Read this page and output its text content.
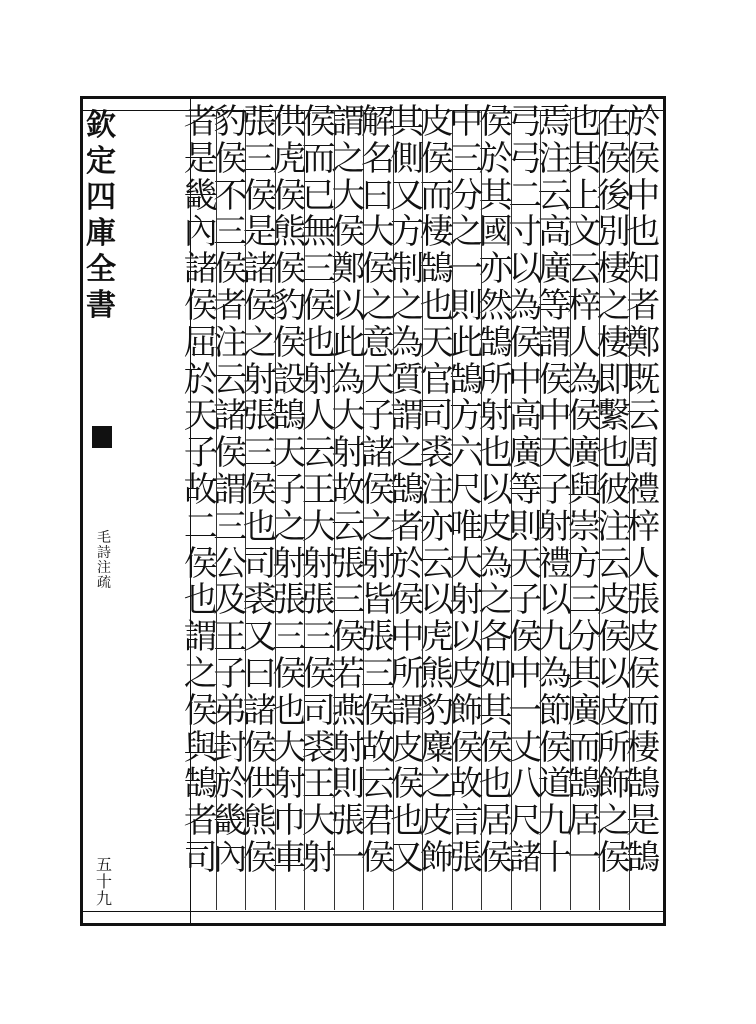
欽
定
四
庫
全
書
毛
詩
注
疏
五
十
九
於
侯
中
也
知
者
鄭
既
云
周
禮
梓
人
張
皮
侯
而
棲
鵠
是
鵠
在
侯
後
別
棲
之
棲
即
繫
也
彼
注
云
皮
侯
以
皮
所
飾
之
侯
也
其
上
文
云
梓
人
為
侯
廣
與
崇
方
三
分
其
廣
而
鵠
居
一
焉
注
云
高
廣
等
謂
侯
中
天
子
射
禮
以
九
為
節
侯
道
九
十
弓
弓
二
寸
以
為
侯
中
高
廣
等
則
天
子
侯
中
一
丈
八
尺
諸
侯
於
其
國
亦
然
鵠
所
射
也
以
皮
為
之
各
如
其
侯
也
居
侯
中
三
分
之
一
則
此
鵠
方
六
尺
唯
大
射
以
皮
飾
侯
故
言
張
皮
侯
而
棲
鵠
也
天
官
司
裘
注
亦
云
以
虎
熊
豹
麋
之
皮
飾
其
側
又
方
制
之
為
質
謂
之
鵠
者
於
侯
中
所
謂
皮
侯
也
又
解
名
曰
大
侯
之
意
天
子
諸
侯
之
射
皆
張
三
侯
故
云
君
侯
謂
之
大
侯
鄭
以
此
為
大
射
故
云
張
三
侯
若
燕
射
則
張
一
侯
而
已
無
三
侯
也
射
人
云
王
大
射
張
三
侯
司
裘
王
大
射
供
虎
侯
熊
侯
豹
侯
設
鵠
天
子
之
射
張
三
侯
也
大
射
巾
車
張
三
侯
是
諸
侯
之
射
張
三
侯
也
司
裘
又
曰
諸
侯
供
熊
侯
豹
侯
不
三
侯
者
注
云
諸
侯
謂
三
公
及
王
子
弟
封
於
畿
內
者
是
畿
內
諸
侯
屈
於
天
子
故
二
侯
也
謂
之
侯
與
鵠
者
司
